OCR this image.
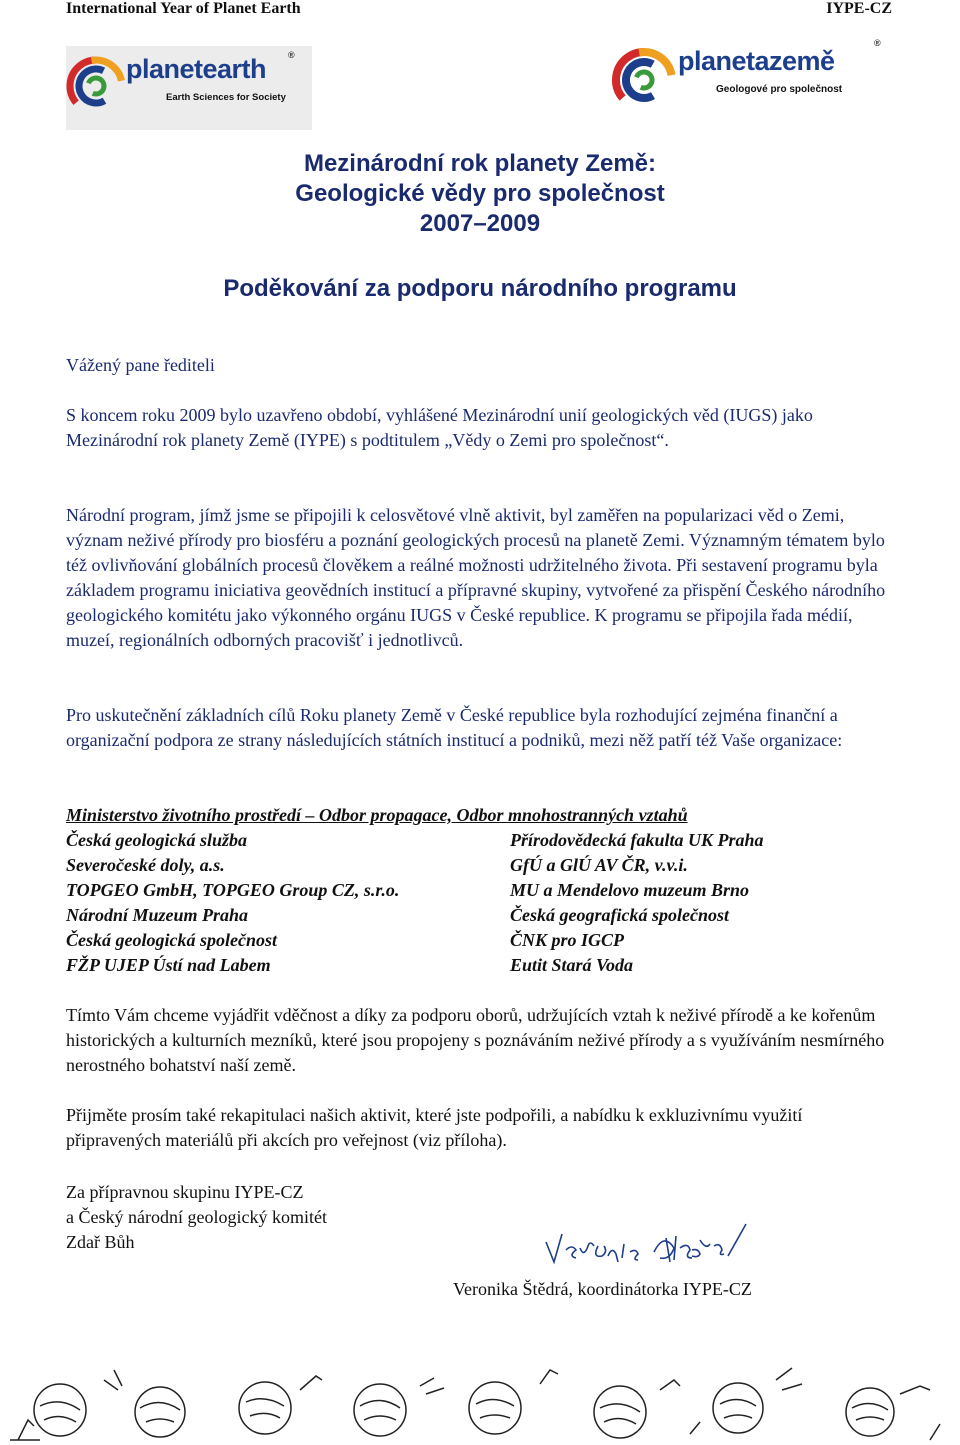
International Year of Planet Earth	IYPE-CZ
planetearth ®
Earth Sciences for Society
planetazemě
®
Geologové pro společnost
Mezinárodní rok planety Země:
Geologické vědy pro společnost
2007–2009
Poděkování za podporu národního programu
Vážený pane řediteli
S koncem roku 2009 bylo uzavřeno období, vyhlášené Mezinárodní unií geologických věd (IUGS) jako Mezinárodní rok planety Země (IYPE) s podtitulem „Vědy o Zemi pro společnost“.
Národní program, jímž jsme se připojili k celosvětové vlně aktivit, byl zaměřen na popularizaci věd o Zemi, význam neživé přírody pro biosféru a poznání geologických procesů na planetě Zemi. Významným tématem bylo též ovlivňování globálních procesů člověkem a reálné možnosti udržitelného života. Při sestavení programu byla základem programu iniciativa geovědních institucí a přípravné skupiny, vytvořené za přispění Českého národního geologického komitétu jako výkonného orgánu IUGS v České republice. K programu se připojila řada médií, muzeí, regionálních odborných pracovišť i jednotlivců.
Pro uskutečnění základních cílů Roku planety Země v České republice byla rozhodující zejména finanční a organizační podpora ze strany následujících státních institucí a podniků, mezi něž patří též Vaše organizace:
Ministerstvo životního prostředí – Odbor propagace, Odbor mnohostranných vztahů
Česká geologická služba	Přírodovědecká fakulta UK Praha
Severočeské doly, a.s.	GfÚ a GlÚ AV ČR, v.v.i.
TOPGEO GmbH, TOPGEO Group CZ, s.r.o.	MU a Mendelovo muzeum Brno
Národní Muzeum Praha	Česká geografická společnost
Česká geologická společnost	ČNK pro IGCP
FŽP UJEP Ústí nad Labem	Eutit Stará Voda
Tímto Vám chceme vyjádřit vděčnost a díky za podporu oborů, udržujících vztah k neživé přírodě a ke kořenům historických a kulturních mezníků, které jsou propojeny s poznáváním neživé přírody a s využíváním nesmírného nerostného bohatství naší země.
Přijměte prosím také rekapitulaci našich aktivit, které jste podpořili, a nabídku k exkluzivnímu využití připravených materiálů při akcích pro veřejnost (viz příloha).
Za přípravnou skupinu IYPE-CZ
a Český národní geologický komitét
Zdař Bůh
Veronika Štědrá, koordinátorka IYPE-CZ
